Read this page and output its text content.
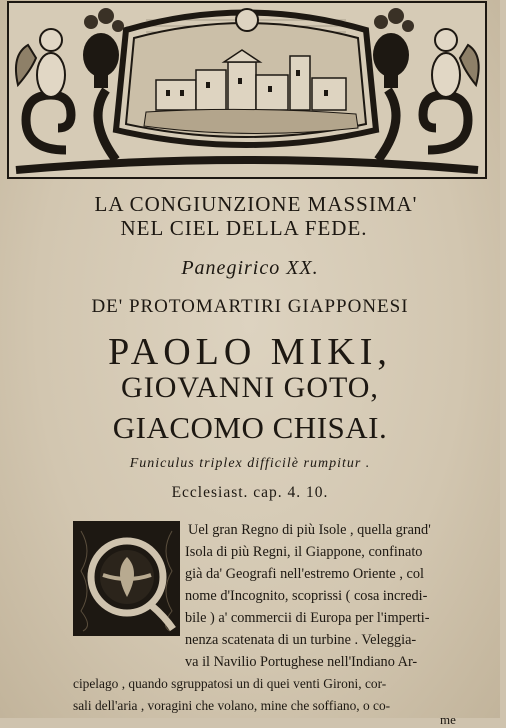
LA CONGIUNZIONE MASSIMA'
NEL CIEL DELLA FEDE.
Panegirico XX.
DE' PROTOMARTIRI GIAPPONESI
PAOLO MIKI,
GIOVANNI GOTO,
GIACOMO CHISAI.
Funiculus triplex difficilè rumpitur .
Ecclesiast. cap. 4. 10.
Uel gran Regno di più Isole , quella grand'
Isola di più Regni, il Giappone, confinato
già da' Geografi nell'estremo Oriente , col
nome d'Incognito, scoprissi ( cosa incredi-
bile ) a' commercii di Europa per l'imperti-
nenza scatenata di un turbine . Veleggia-
va il Navilio Portughese nell'Indiano Ar-
cipelago , quando sgruppatosi un di quei venti Gironi, cor-
sali dell'aria , voragini che volano, mine che soffiano, o co-
me
